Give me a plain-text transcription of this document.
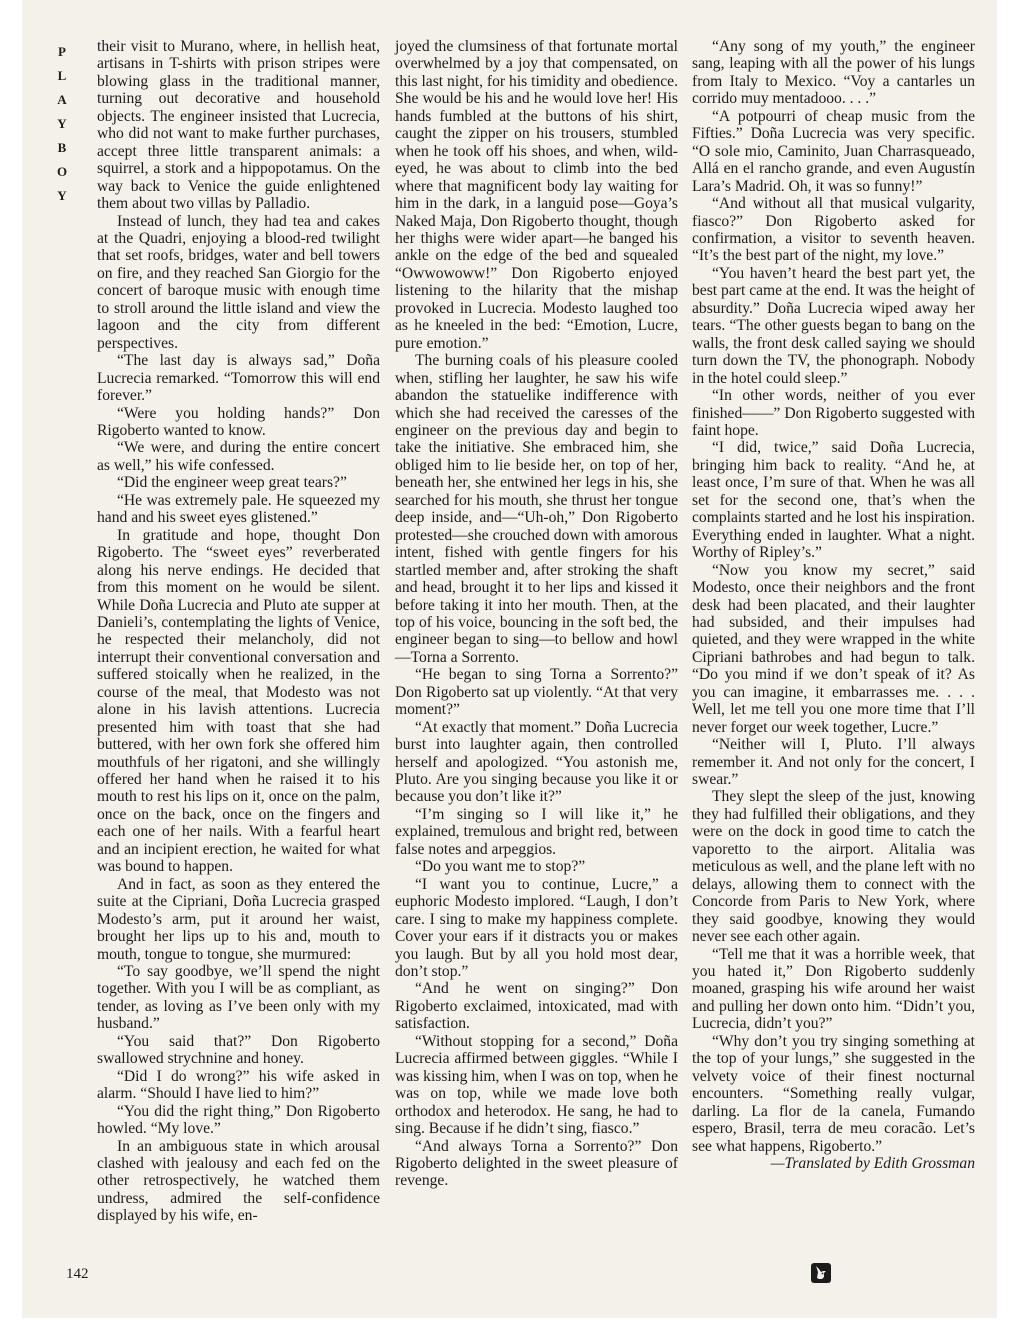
P
L
A
Y
B
O
Y

their visit to Murano, where, in hellish heat, artisans in T-shirts with prison stripes were blowing glass in the traditional manner, turning out decorative and household objects. The engineer insisted that Lucrecia, who did not want to make further purchases, accept three little transparent animals: a squirrel, a stork and a hippopotamus. On the way back to Venice the guide enlightened them about two villas by Palladio.

Instead of lunch, they had tea and cakes at the Quadri, enjoying a blood-red twilight that set roofs, bridges, water and bell towers on fire, and they reached San Giorgio for the concert of baroque music with enough time to stroll around the little island and view the lagoon and the city from different perspectives.

“The last day is always sad,” Doña Lucrecia remarked. “Tomorrow this will end forever.”

“Were you holding hands?” Don Rigoberto wanted to know.

“We were, and during the entire concert as well,” his wife confessed.

“Did the engineer weep great tears?”

“He was extremely pale. He squeezed my hand and his sweet eyes glistened.”

In gratitude and hope, thought Don Rigoberto. The “sweet eyes” reverberated along his nerve endings. He decided that from this moment on he would be silent. While Doña Lucrecia and Pluto ate supper at Danieli’s, contemplating the lights of Venice, he respected their melancholy, did not interrupt their conventional conversation and suffered stoically when he realized, in the course of the meal, that Modesto was not alone in his lavish attentions. Lucrecia presented him with toast that she had buttered, with her own fork she offered him mouthfuls of her rigatoni, and she willingly offered her hand when he raised it to his mouth to rest his lips on it, once on the palm, once on the back, once on the fingers and each one of her nails. With a fearful heart and an incipient erection, he waited for what was bound to happen.

And in fact, as soon as they entered the suite at the Cipriani, Doña Lucrecia grasped Modesto’s arm, put it around her waist, brought her lips up to his and, mouth to mouth, tongue to tongue, she murmured:

“To say goodbye, we’ll spend the night together. With you I will be as compliant, as tender, as loving as I’ve been only with my husband.”

“You said that?” Don Rigoberto swallowed strychnine and honey.

“Did I do wrong?” his wife asked in alarm. “Should I have lied to him?”

“You did the right thing,” Don Rigoberto howled. “My love.”

In an ambiguous state in which arousal clashed with jealousy and each fed on the other retrospectively, he watched them undress, admired the self-confidence displayed by his wife, en-

joyed the clumsiness of that fortunate mortal overwhelmed by a joy that compensated, on this last night, for his timidity and obedience. She would be his and he would love her! His hands fumbled at the buttons of his shirt, caught the zipper on his trousers, stumbled when he took off his shoes, and when, wild-eyed, he was about to climb into the bed where that magnificent body lay waiting for him in the dark, in a languid pose—Goya’s Naked Maja, Don Rigoberto thought, though her thighs were wider apart—he banged his ankle on the edge of the bed and squealed “Owwowoww!” Don Rigoberto enjoyed listening to the hilarity that the mishap provoked in Lucrecia. Modesto laughed too as he kneeled in the bed: “Emotion, Lucre, pure emotion.”

The burning coals of his pleasure cooled when, stifling her laughter, he saw his wife abandon the statuelike indifference with which she had received the caresses of the engineer on the previous day and begin to take the initiative. She embraced him, she obliged him to lie beside her, on top of her, beneath her, she entwined her legs in his, she searched for his mouth, she thrust her tongue deep inside, and—“Uh-oh,” Don Rigoberto protested—she crouched down with amorous intent, fished with gentle fingers for his startled member and, after stroking the shaft and head, brought it to her lips and kissed it before taking it into her mouth. Then, at the top of his voice, bouncing in the soft bed, the engineer began to sing—to bellow and howl—Torna a Sorrento.

“He began to sing Torna a Sorrento?” Don Rigoberto sat up violently. “At that very moment?”

“At exactly that moment.” Doña Lucrecia burst into laughter again, then controlled herself and apologized. “You astonish me, Pluto. Are you singing because you like it or because you don’t like it?”

“I’m singing so I will like it,” he explained, tremulous and bright red, between false notes and arpeggios.

“Do you want me to stop?”

“I want you to continue, Lucre,” a euphoric Modesto implored. “Laugh, I don’t care. I sing to make my happiness complete. Cover your ears if it distracts you or makes you laugh. But by all you hold most dear, don’t stop.”

“And he went on singing?” Don Rigoberto exclaimed, intoxicated, mad with satisfaction.

“Without stopping for a second,” Doña Lucrecia affirmed between giggles. “While I was kissing him, when I was on top, when he was on top, while we made love both orthodox and heterodox. He sang, he had to sing. Because if he didn’t sing, fiasco.”

“And always Torna a Sorrento?” Don Rigoberto delighted in the sweet pleasure of revenge.

“Any song of my youth,” the engineer sang, leaping with all the power of his lungs from Italy to Mexico. “Voy a cantarles un corrido muy mentadooo. . . .”

“A potpourri of cheap music from the Fifties.” Doña Lucrecia was very specific. “O sole mio, Caminito, Juan Charrasqueado, Allá en el rancho grande, and even Augustín Lara’s Madrid. Oh, it was so funny!”

“And without all that musical vulgarity, fiasco?” Don Rigoberto asked for confirmation, a visitor to seventh heaven. “It’s the best part of the night, my love.”

“You haven’t heard the best part yet, the best part came at the end. It was the height of absurdity.” Doña Lucrecia wiped away her tears. “The other guests began to bang on the walls, the front desk called saying we should turn down the TV, the phonograph. Nobody in the hotel could sleep.”

“In other words, neither of you ever finished——” Don Rigoberto suggested with faint hope.

“I did, twice,” said Doña Lucrecia, bringing him back to reality. “And he, at least once, I’m sure of that. When he was all set for the second one, that’s when the complaints started and he lost his inspiration. Everything ended in laughter. What a night. Worthy of Ripley’s.”

“Now you know my secret,” said Modesto, once their neighbors and the front desk had been placated, and their laughter had subsided, and their impulses had quieted, and they were wrapped in the white Cipriani bathrobes and had begun to talk. “Do you mind if we don’t speak of it? As you can imagine, it embarrasses me. . . . Well, let me tell you one more time that I’ll never forget our week together, Lucre.”

“Neither will I, Pluto. I’ll always remember it. And not only for the concert, I swear.”

They slept the sleep of the just, knowing they had fulfilled their obligations, and they were on the dock in good time to catch the vaporetto to the airport. Alitalia was meticulous as well, and the plane left with no delays, allowing them to connect with the Concorde from Paris to New York, where they said goodbye, knowing they would never see each other again.

“Tell me that it was a horrible week, that you hated it,” Don Rigoberto suddenly moaned, grasping his wife around her waist and pulling her down onto him. “Didn’t you, Lucrecia, didn’t you?”

“Why don’t you try singing something at the top of your lungs,” she suggested in the velvety voice of their finest nocturnal encounters. “Something really vulgar, darling. La flor de la canela, Fumando espero, Brasil, terra de meu coracão. Let’s see what happens, Rigoberto.”

—Translated by Edith Grossman

142
